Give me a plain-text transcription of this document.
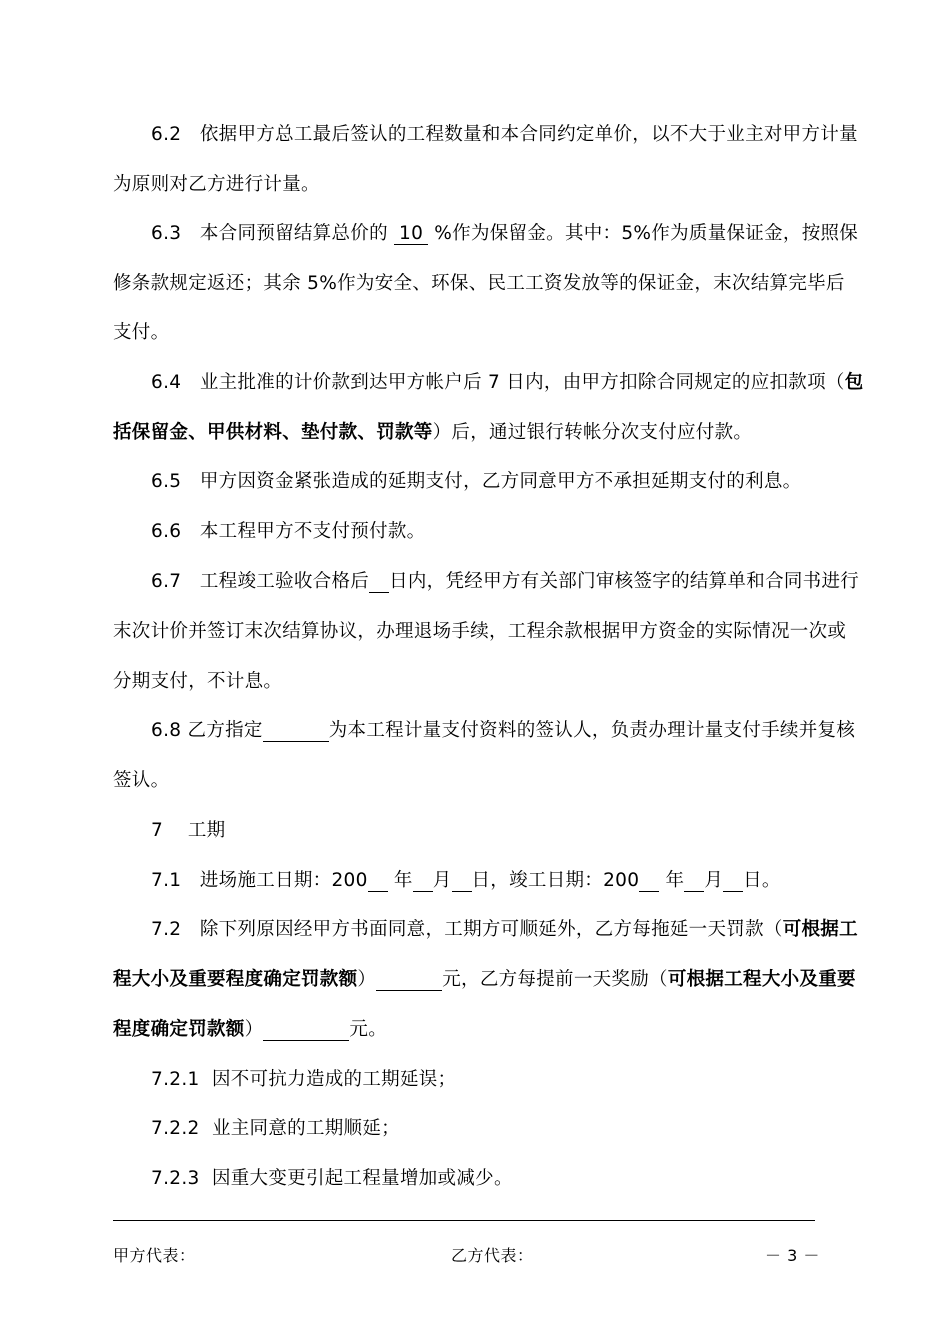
6.2 依据甲方总工最后签认的工程数量和本合同约定单价，以不大于业主对甲方计量
为原则对乙方进行计量。
6.3 本合同预留结算总价的 10 %作为保留金。其中：5%作为质量保证金，按照保
修条款规定返还；其余 5%作为安全、环保、民工工资发放等的保证金，末次结算完毕后
支付。
6.4 业主批准的计价款到达甲方帐户后 7 日内，由甲方扣除合同规定的应扣款项（包
括保留金、甲供材料、垫付款、罚款等）后，通过银行转帐分次支付应付款。
6.5 甲方因资金紧张造成的延期支付，乙方同意甲方不承担延期支付的利息。
6.6 本工程甲方不支付预付款。
6.7 工程竣工验收合格后 日内，凭经甲方有关部门审核签字的结算单和合同书进行
末次计价并签订末次结算协议，办理退场手续，工程余款根据甲方资金的实际情况一次或
分期支付，不计息。
6.8 乙方指定	为本工程计量支付资料的签认人，负责办理计量支付手续并复核
签认。
7 工期
7.1 进场施工日期：200 年 月 日，竣工日期：200 年 月 日。
7.2 除下列原因经甲方书面同意，工期方可顺延外，乙方每拖延一天罚款（可根据工
程大小及重要程度确定罚款额）	元，乙方每提前一天奖励（可根据工程大小及重要
程度确定罚款额）	元。
7.2.1 因不可抗力造成的工期延误；
7.2.2 业主同意的工期顺延；
7.2.3 因重大变更引起工程量增加或减少。
甲方代表：	乙方代表：	－ 3 －
